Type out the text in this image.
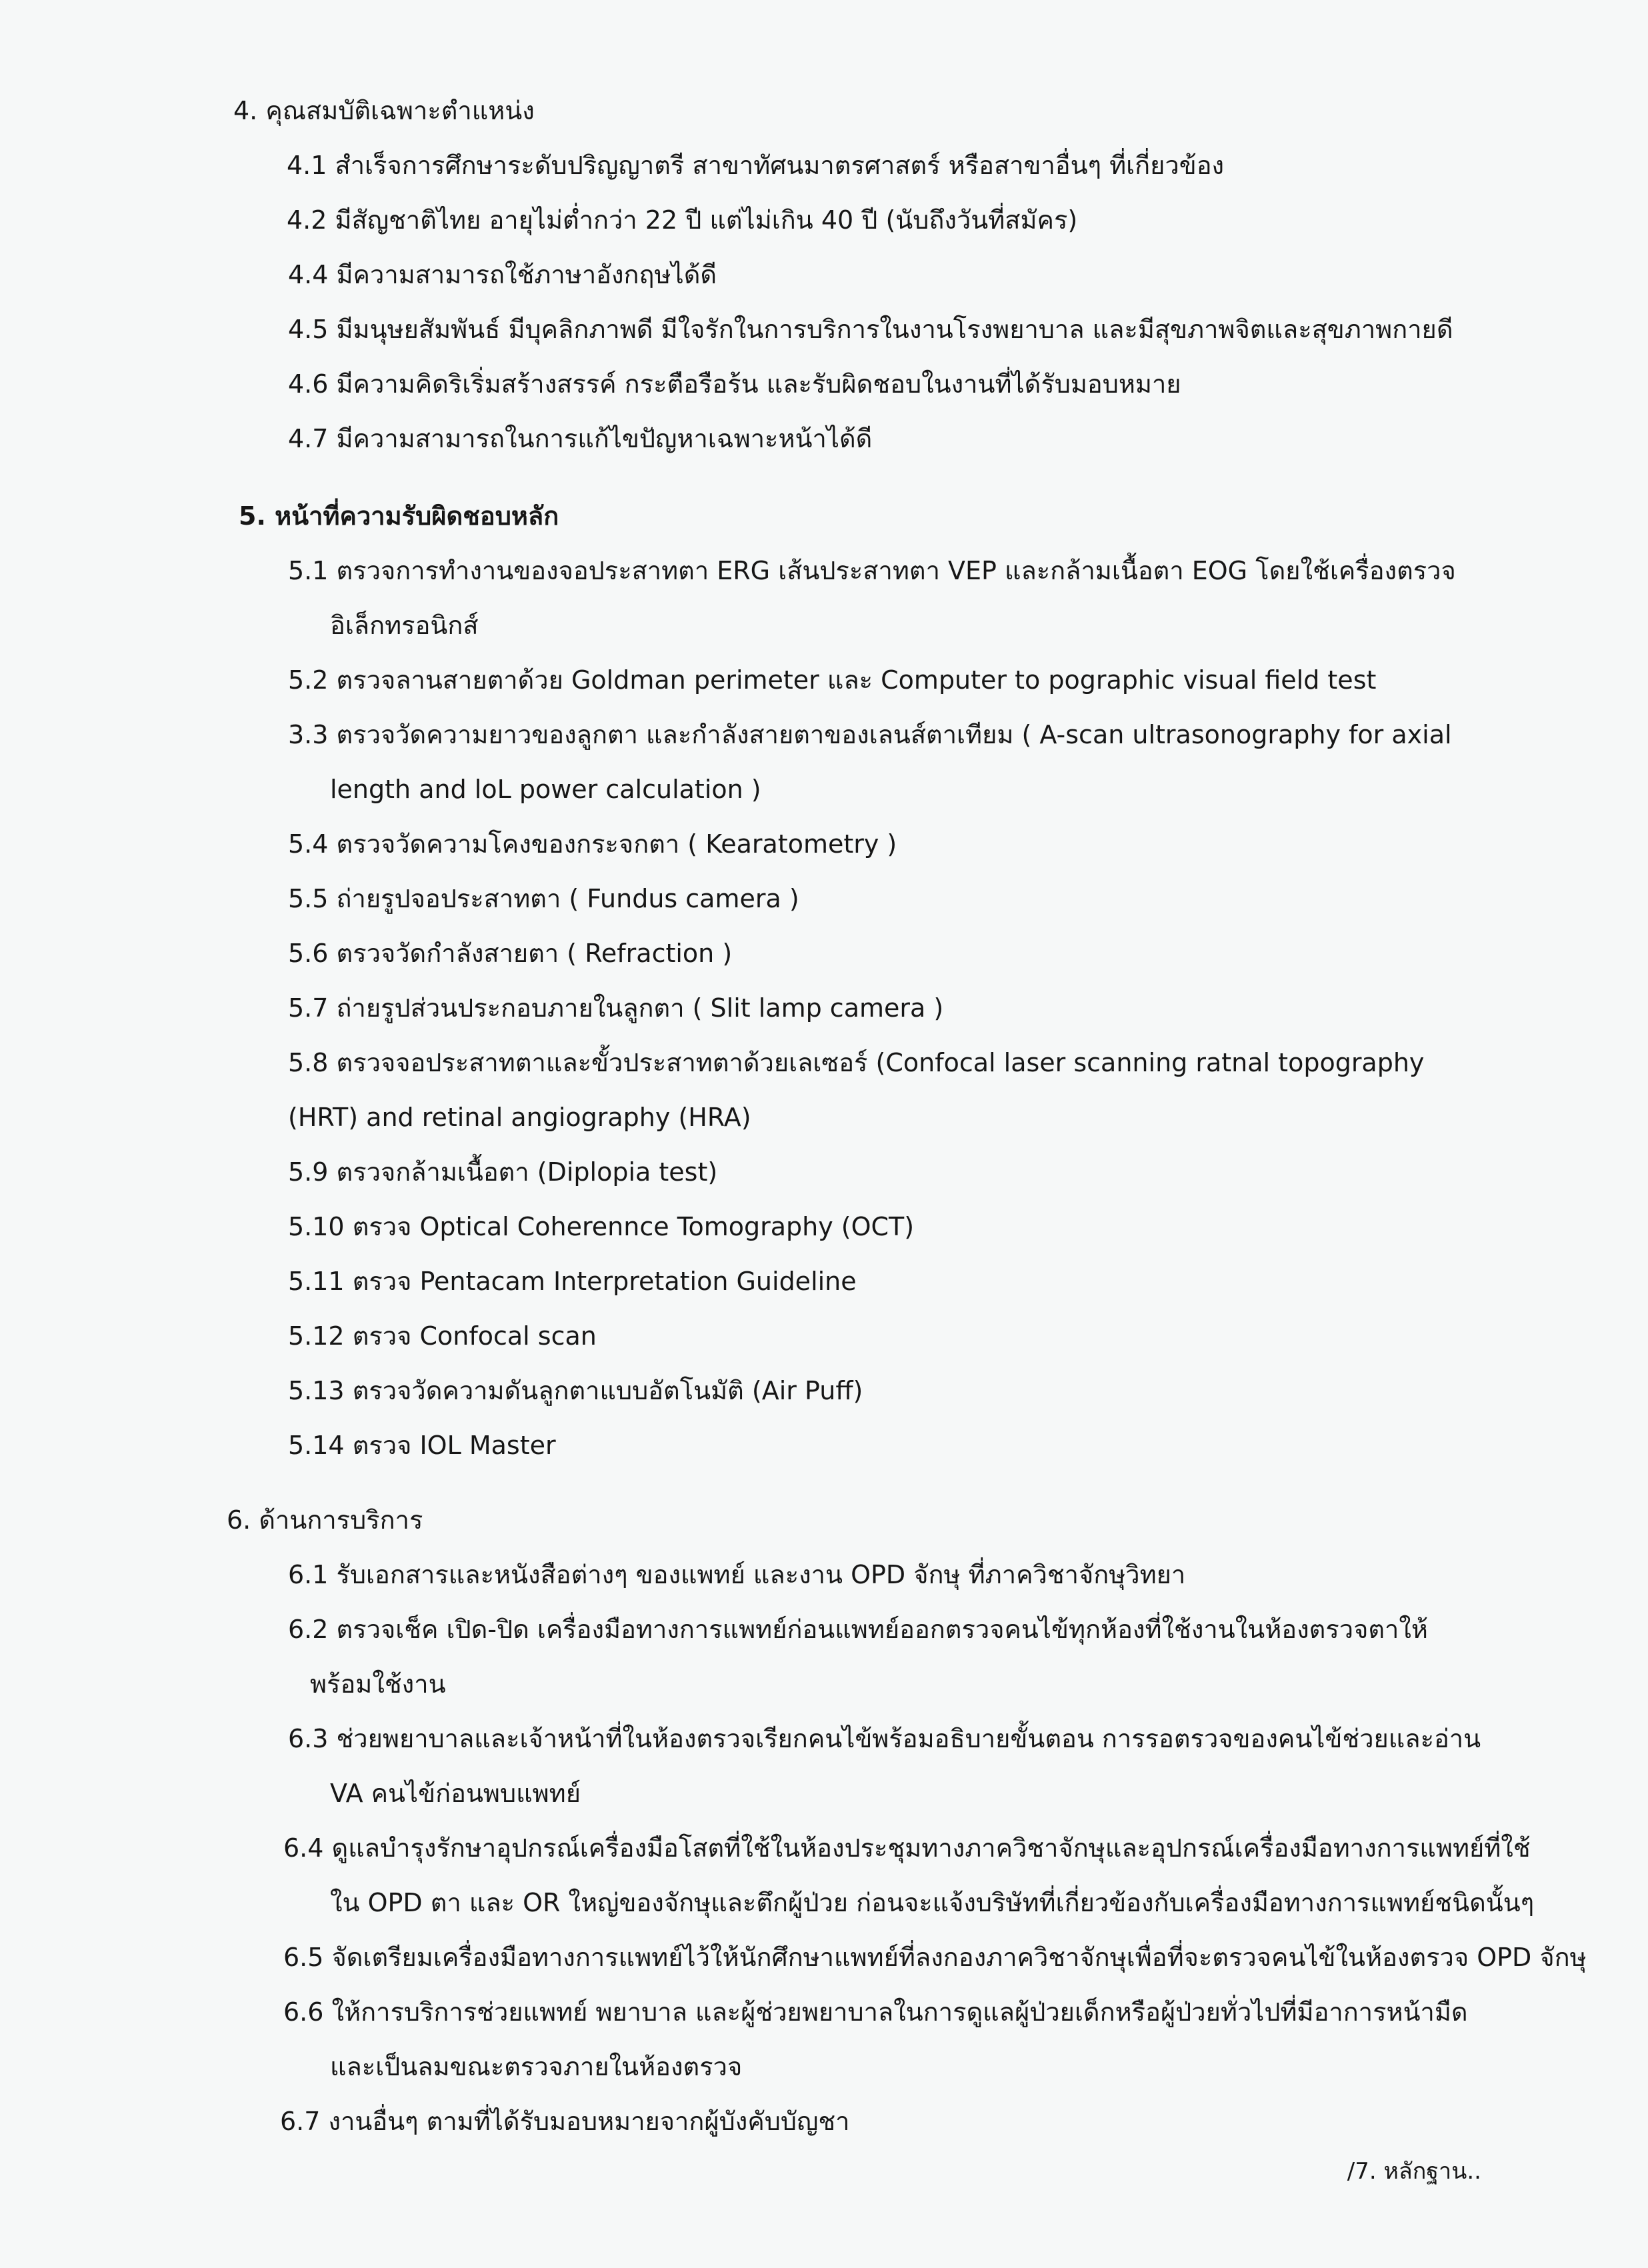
4. คุณสมบัติเฉพาะตำแหน่ง
4.1 สำเร็จการศึกษาระดับปริญญาตรี สาขาทัศนมาตรศาสตร์ หรือสาขาอื่นๆ ที่เกี่ยวข้อง
4.2 มีสัญชาติไทย อายุไม่ต่ำกว่า 22 ปี แต่ไม่เกิน 40 ปี (นับถึงวันที่สมัคร)
4.4 มีความสามารถใช้ภาษาอังกฤษได้ดี
4.5 มีมนุษยสัมพันธ์ มีบุคลิกภาพดี มีใจรักในการบริการในงานโรงพยาบาล และมีสุขภาพจิตและสุขภาพกายดี
4.6 มีความคิดริเริ่มสร้างสรรค์ กระตือรือร้น และรับผิดชอบในงานที่ได้รับมอบหมาย
4.7 มีความสามารถในการแก้ไขปัญหาเฉพาะหน้าได้ดี
5. หน้าที่ความรับผิดชอบหลัก
5.1 ตรวจการทำงานของจอประสาทตา ERG เส้นประสาทตา VEP และกล้ามเนื้อตา EOG โดยใช้เครื่องตรวจ
อิเล็กทรอนิกส์
5.2 ตรวจลานสายตาด้วย Goldman perimeter และ Computer to pographic visual field test
3.3 ตรวจวัดความยาวของลูกตา และกำลังสายตาของเลนส์ตาเทียม ( A-scan ultrasonography for axial
length and loL power calculation )
5.4 ตรวจวัดความโคงของกระจกตา ( Kearatometry )
5.5 ถ่ายรูปจอประสาทตา ( Fundus camera )
5.6 ตรวจวัดกำลังสายตา ( Refraction )
5.7 ถ่ายรูปส่วนประกอบภายในลูกตา ( Slit lamp camera )
5.8 ตรวจจอประสาทตาและขั้วประสาทตาด้วยเลเซอร์ (Confocal laser scanning ratnal topography
(HRT) and retinal angiography (HRA)
5.9 ตรวจกล้ามเนื้อตา (Diplopia test)
5.10 ตรวจ Optical Coherennce Tomography (OCT)
5.11 ตรวจ Pentacam Interpretation Guideline
5.12 ตรวจ Confocal scan
5.13 ตรวจวัดความดันลูกตาแบบอัตโนมัติ (Air Puff)
5.14 ตรวจ IOL Master
6. ด้านการบริการ
6.1 รับเอกสารและหนังสือต่างๆ ของแพทย์ และงาน OPD จักษุ ที่ภาควิชาจักษุวิทยา
6.2 ตรวจเช็ค เปิด-ปิด เครื่องมือทางการแพทย์ก่อนแพทย์ออกตรวจคนไข้ทุกห้องที่ใช้งานในห้องตรวจตาให้
พร้อมใช้งาน
6.3 ช่วยพยาบาลและเจ้าหน้าที่ในห้องตรวจเรียกคนไข้พร้อมอธิบายขั้นตอน การรอตรวจของคนไข้ช่วยและอ่าน
VA คนไข้ก่อนพบแพทย์
6.4 ดูแลบำรุงรักษาอุปกรณ์เครื่องมือโสตที่ใช้ในห้องประชุมทางภาควิชาจักษุและอุปกรณ์เครื่องมือทางการแพทย์ที่ใช้
ใน OPD ตา และ OR ใหญ่ของจักษุและตึกผู้ป่วย ก่อนจะแจ้งบริษัทที่เกี่ยวข้องกับเครื่องมือทางการแพทย์ชนิดนั้นๆ
6.5 จัดเตรียมเครื่องมือทางการแพทย์ไว้ให้นักศึกษาแพทย์ที่ลงกองภาควิชาจักษุเพื่อที่จะตรวจคนไข้ในห้องตรวจ OPD จักษุ
6.6 ให้การบริการช่วยแพทย์ พยาบาล และผู้ช่วยพยาบาลในการดูแลผู้ป่วยเด็กหรือผู้ป่วยทั่วไปที่มีอาการหน้ามืด
และเป็นลมขณะตรวจภายในห้องตรวจ
6.7 งานอื่นๆ ตามที่ได้รับมอบหมายจากผู้บังคับบัญชา
/7. หลักฐาน..
